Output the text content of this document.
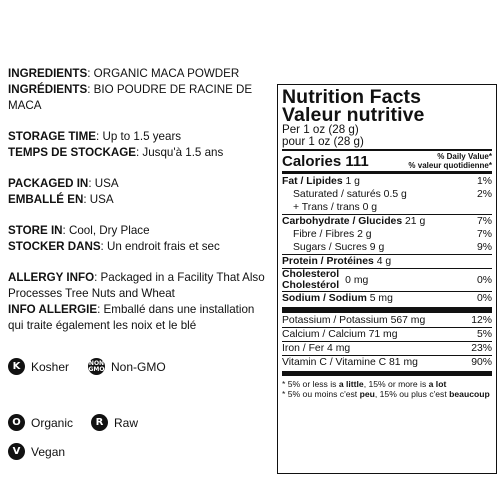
INGREDIENTS: ORGANIC MACA POWDER

INGRÉDIENTS: BIO POUDRE DE RACINE DE MACA

STORAGE TIME: Up to 1.5 years

TEMPS DE STOCKAGE: Jusqu'à 1.5 ans

PACKAGED IN: USA

EMBALLÉ EN: USA

STORE IN: Cool, Dry Place

STOCKER DANS: Un endroit frais et sec

ALLERGY INFO: Packaged in a Facility That Also Processes Tree Nuts and Wheat

INFO ALLERGIE: Emballé dans une installation qui traite également les noix et le blé

K Kosher	NON GMO Non-GMO
O Organic	R Raw
V Vegan
Nutrition Facts
Valeur nutritive
Per 1 oz (28 g)
pour 1 oz (28 g)
Calories 111	% Daily Value*
% valeur quotidienne*
Fat / Lipides 1 g	1%
Saturated / saturés 0.5 g	2%
+ Trans / trans 0 g
Carbohydrate / Glucides 21 g	7%
Fibre / Fibres 2 g	7%
Sugars / Sucres 9 g	9%
Protein / Protéines 4 g
Cholesterol
Cholestérol 0 mg	0%
Sodium / Sodium 5 mg	0%
Potassium / Potassium 567 mg	12%
Calcium / Calcium 71 mg	5%
Iron / Fer 4 mg	23%
Vitamin C / Vitamine C 81 mg	90%
* 5% or less is a little, 15% or more is a lot
* 5% ou moins c'est peu, 15% ou plus c'est beaucoup
